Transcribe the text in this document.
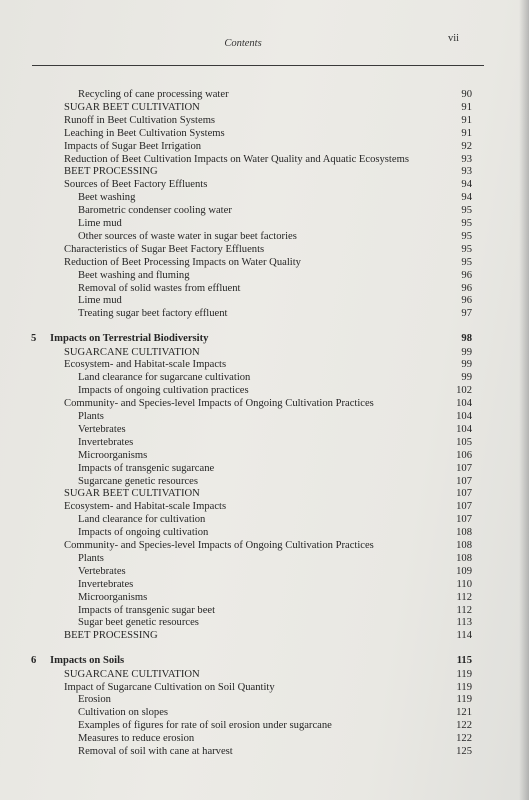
Contents	vii
Recycling of cane processing water	90
SUGAR BEET CULTIVATION	91
Runoff in Beet Cultivation Systems	91
Leaching in Beet Cultivation Systems	91
Impacts of Sugar Beet Irrigation	92
Reduction of Beet Cultivation Impacts on Water Quality and Aquatic Ecosystems	93
BEET PROCESSING	93
Sources of Beet Factory Effluents	94
Beet washing	94
Barometric condenser cooling water	95
Lime mud	95
Other sources of waste water in sugar beet factories	95
Characteristics of Sugar Beet Factory Effluents	95
Reduction of Beet Processing Impacts on Water Quality	95
Beet washing and fluming	96
Removal of solid wastes from effluent	96
Lime mud	96
Treating sugar beet factory effluent	97
5 Impacts on Terrestrial Biodiversity	98
SUGARCANE CULTIVATION	99
Ecosystem- and Habitat-scale Impacts	99
Land clearance for sugarcane cultivation	99
Impacts of ongoing cultivation practices	102
Community- and Species-level Impacts of Ongoing Cultivation Practices	104
Plants	104
Vertebrates	104
Invertebrates	105
Microorganisms	106
Impacts of transgenic sugarcane	107
Sugarcane genetic resources	107
SUGAR BEET CULTIVATION	107
Ecosystem- and Habitat-scale Impacts	107
Land clearance for cultivation	107
Impacts of ongoing cultivation	108
Community- and Species-level Impacts of Ongoing Cultivation Practices	108
Plants	108
Vertebrates	109
Invertebrates	110
Microorganisms	112
Impacts of transgenic sugar beet	112
Sugar beet genetic resources	113
BEET PROCESSING	114
6 Impacts on Soils	115
SUGARCANE CULTIVATION	119
Impact of Sugarcane Cultivation on Soil Quantity	119
Erosion	119
Cultivation on slopes	121
Examples of figures for rate of soil erosion under sugarcane	122
Measures to reduce erosion	122
Removal of soil with cane at harvest	125
